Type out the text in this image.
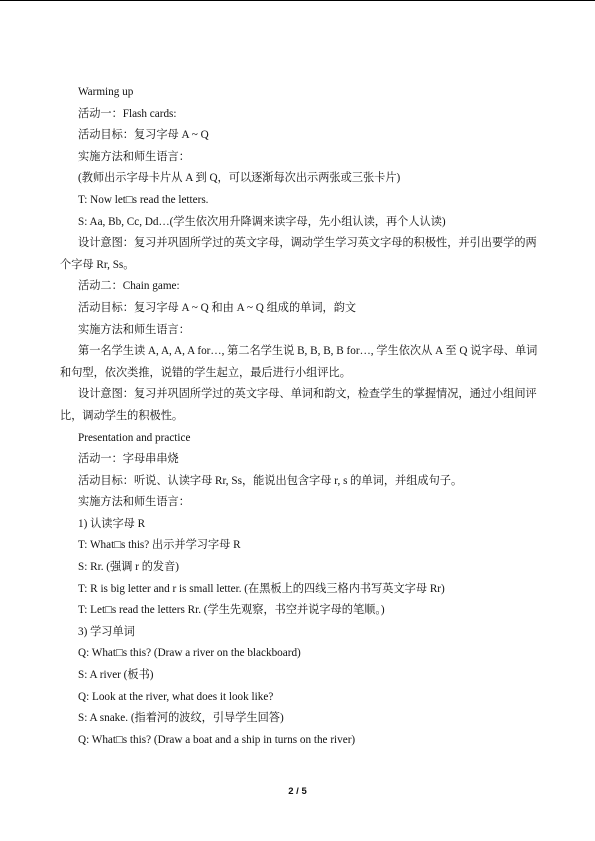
Warming up
活动一：Flash cards:
活动目标：复习字母 A ~ Q
实施方法和师生语言：
(教师出示字母卡片从 A 到 Q，可以逐渐每次出示两张或三张卡片)
T: Now let□s read the letters.
S: Aa, Bb, Cc, Dd…(学生依次用升降调来读字母，先小组认读，再个人认读)
设计意图：复习并巩固所学过的英文字母，调动学生学习英文字母的积极性，并引出要学的两个字母 Rr, Ss。
活动二：Chain game:
活动目标：复习字母 A ~ Q 和由 A ~ Q 组成的单词，韵文
实施方法和师生语言：
第一名学生读 A, A, A, A for…, 第二名学生说 B, B, B, B for…, 学生依次从 A 至 Q 说字母、单词和句型，依次类推，说错的学生起立，最后进行小组评比。
设计意图：复习并巩固所学过的英文字母、单词和韵文，检查学生的掌握情况，通过小组间评比，调动学生的积极性。
Presentation and practice
活动一：字母串串烧
活动目标：听说、认读字母 Rr, Ss，能说出包含字母 r, s 的单词，并组成句子。
实施方法和师生语言：
1) 认读字母 R
T: What□s this? 出示并学习字母 R
S: Rr. (强调 r 的发音)
T: R is big letter and r is small letter. (在黑板上的四线三格内书写英文字母 Rr)
T: Let□s read the letters Rr. (学生先观察，书空并说字母的笔顺。)
3) 学习单词
Q: What□s this? (Draw a river on the blackboard)
S: A river (板书)
Q: Look at the river, what does it look like?
S: A snake. (指着河的波纹，引导学生回答)
Q: What□s this? (Draw a boat and a ship in turns on the river)
2 / 5
